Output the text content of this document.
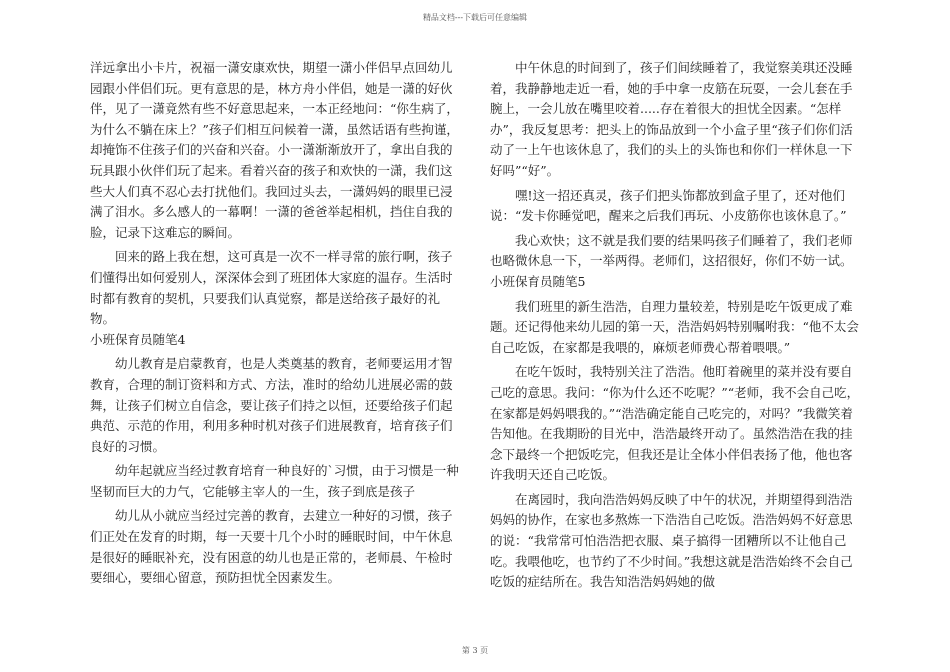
精品文档---下载后可任意编辑

洋远拿出小卡片，祝福一潇安康欢快，期望一潇小伴侣早点回幼儿园跟小伴侣们玩。更有意思的是，林方舟小伴侣，她是一潇的好伙伴，见了一潇竟然有些不好意思起来，一本正经地问：“你生病了，为什么不躺在床上？”孩子们相互问候着一潇，虽然话语有些拘谨，却掩饰不住孩子们的兴奋和兴奋。小一潇渐渐放开了，拿出自我的玩具跟小伙伴们玩了起来。看着兴奋的孩子和欢快的一潇，我们这些大人们真不忍心去打扰他们。我回过头去，一潇妈妈的眼里已浸满了泪水。多么感人的一幕啊！一潇的爸爸举起相机，挡住自我的脸，记录下这难忘的瞬间。

回来的路上我在想，这可真是一次不一样寻常的旅行啊，孩子们懂得出如何爱别人，深深体会到了班团体大家庭的温存。生活时时都有教育的契机，只要我们认真觉察，都是送给孩子最好的礼物。

小班保育员随笔4

幼儿教育是启蒙教育，也是人类奠基的教育，老师要运用才智教育，合理的制订资料和方式、方法，准时的给幼儿进展必需的鼓舞，让孩子们树立自信念，要让孩子们持之以恒，还要给孩子们起典范、示范的作用，利用多种时机对孩子们进展教育，培育孩子们良好的习惯。

幼年起就应当经过教育培育一种良好的`习惯，由于习惯是一种坚韧而巨大的力气，它能够主宰人的一生，孩子到底是孩子

幼儿从小就应当经过完善的教育，去建立一种好的习惯，孩子们正处在发育的时期，每一天要十几个小时的睡眠时间，中午休息是很好的睡眠补充，没有困意的幼儿也是正常的，老师晨、午检时要细心，要细心留意，预防担忧全因素发生。

中午休息的时间到了，孩子们间续睡着了，我觉察美琪还没睡着，我静静地走近一看，她的手中拿一皮筋在玩耍，一会儿套在手腕上，一会儿放在嘴里咬着.....存在着很大的担忧全因素。“怎样办”，我反复思考：把头上的饰品放到一个小盒子里“孩子们你们活动了一上午也该休息了，我们的头上的头饰也和你们一样休息一下好吗”“好”。

嘿!这一招还真灵，孩子们把头饰都放到盒子里了，还对他们说：“发卡你睡觉吧，醒来之后我们再玩、小皮筋你也该休息了。”

我心欢快；这不就是我们要的结果吗孩子们睡着了，我们老师也略微休息一下，一举两得。老师们，这招很好，你们不妨一试。

小班保育员随笔5

我们班里的新生浩浩，自理力量较差，特别是吃午饭更成了难题。还记得他来幼儿园的第一天，浩浩妈妈特别嘱咐我：“他不太会自己吃饭，在家都是我喂的，麻烦老师费心帮着喂喂。”

在吃午饭时，我特别关注了浩浩。他盯着碗里的菜并没有要自己吃的意思。我问：“你为什么还不吃呢？”“老师，我不会自己吃，在家都是妈妈喂我的。”“浩浩确定能自己吃完的，对吗？”我微笑着告知他。在我期盼的目光中，浩浩最终开动了。虽然浩浩在我的挂念下最终一个把饭吃完，但我还是让全体小伴侣表扬了他，他也客许我明天还自己吃饭。

在离园时，我向浩浩妈妈反映了中午的状况，并期望得到浩浩妈妈的协作，在家也多熬炼一下浩浩自己吃饭。浩浩妈妈不好意思的说：“我常常可怕浩浩把衣服、桌子搞得一团糟所以不让他自己吃。我喂他吃，也节约了不少时间。”我想这就是浩浩始终不会自己吃饭的症结所在。我告知浩浩妈妈她的做

第 3 页
